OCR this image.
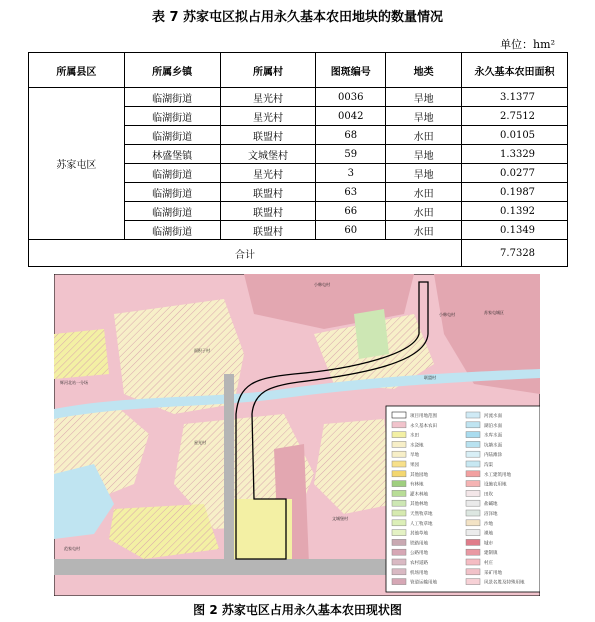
表 7 苏家屯区拟占用永久基本农田地块的数量情况
单位：hm²
所属县区	所属乡镇	所属村	图斑编号	地类	永久基本农田面积
苏家屯区	临湖街道	星光村	0036	旱地	3.1377
	临湖街道	星光村	0042	旱地	2.7512
	临湖街道	联盟村	68	水田	0.0105
	林盛堡镇	文城堡村	59	旱地	1.3329
	临湖街道	星光村	3	旱地	0.0277
	临湖街道	联盟村	63	水田	0.1987
	临湖街道	联盟村	66	水田	0.1392
	临湖街道	联盟村	60	水田	0.1349
合计					7.7328
小韩屯村
苏家屯城区
小韩屯村
面积子村
辉河北站一分场
星光村
联盟村
文城堡村
范家屯村
项目用地范围
永久基本农田
水田
水浇地
旱地
果园
其他园地
有林地
灌木林地
其他林地
天然牧草地
人工牧草地
其他草地
铁路用地
公路用地
农村道路
机场用地
管道运输用地
河流水面
湖泊水面
水库水面
坑塘水面
内陆滩涂
沟渠
水工建筑用地
设施农用地
田坎
盐碱地
沼泽地
沙地
裸地
城市
建制镇
村庄
采矿用地
风景名胜及特殊用地
图 2 苏家屯区占用永久基本农田现状图
